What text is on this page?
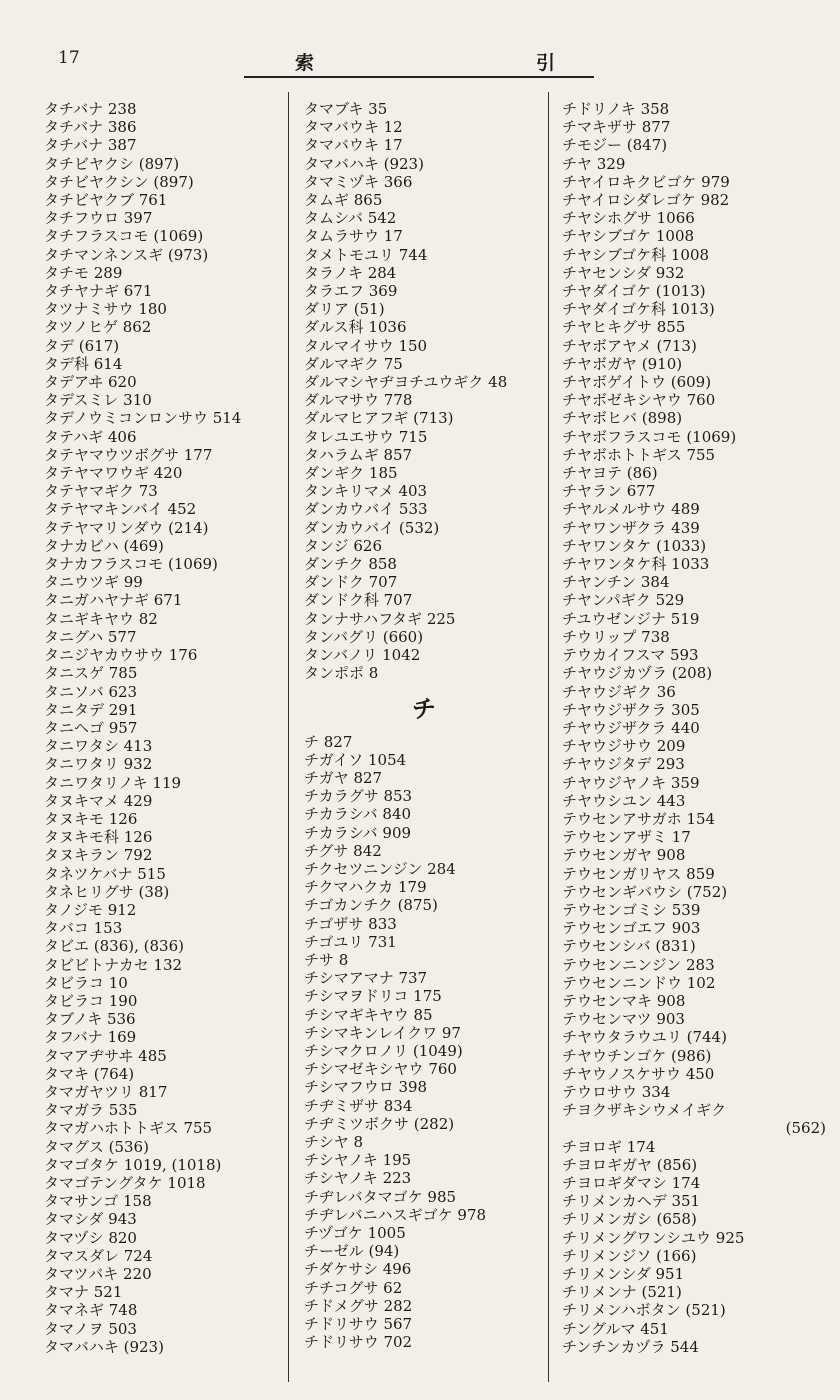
17	索	引
タチバナ 238
タチバナ 386
タチバナ 387
タチビヤクシ (897)
タチビヤクシン (897)
タチビヤクブ 761
タチフウロ 397
タチフラスコモ (1069)
タチマンネンスギ (973)
タチモ 289
タチヤナギ 671
タツナミサウ 180
タツノヒゲ 862
タデ (617)
タデ科 614
タデアヰ 620
タデスミレ 310
タデノウミコンロンサウ 514
タテハギ 406
タテヤマウツボグサ 177
タテヤマワウギ 420
タテヤマギク 73
タテヤマキンバイ 452
タテヤマリンダウ (214)
タナカビハ (469)
タナカフラスコモ (1069)
タニウツギ 99
タニガハヤナギ 671
タニギキヤウ 82
タニグハ 577
タニジヤカウサウ 176
タニスゲ 785
タニソバ 623
タニタデ 291
タニヘゴ 957
タニワタシ 413
タニワタリ 932
タニワタリノキ 119
タヌキマメ 429
タヌキモ 126
タヌキモ科 126
タヌキラン 792
タネツケバナ 515
タネヒリグサ (38)
タノジモ 912
タバコ 153
タビエ (836), (836)
タビビトナカセ 132
タビラコ 10
タビラコ 190
タブノキ 536
タフバナ 169
タマアヂサヰ 485
タマキ (764)
タマガヤツリ 817
タマガラ 535
タマガハホトトギス 755
タマグス (536)
タマゴタケ 1019, (1018)
タマゴテングタケ 1018
タマサンゴ 158
タマシダ 943
タマヅシ 820
タマスダレ 724
タマツバキ 220
タマナ 521
タマネギ 748
タマノヲ 503
タマバハキ (923)
タマブキ 35
タマバウキ 12
タマバウキ 17
タマバハキ (923)
タマミヅキ 366
タムギ 865
タムシバ 542
タムラサウ 17
タメトモユリ 744
タラノキ 284
タラエフ 369
ダリア (51)
ダルス科 1036
タルマイサウ 150
ダルマギク 75
ダルマシヤヂヨチユウギク 48
ダルマサウ 778
ダルマヒアフギ (713)
タレユエサウ 715
タハラムギ 857
ダンギク 185
タンキリマメ 403
ダンカウバイ 533
ダンカウバイ (532)
タンジ 626
ダンチク 858
ダンドク 707
ダンドク科 707
タンナサハフタギ 225
タンバグリ (660)
タンバノリ 1042
タンポポ 8
チ
チ 827
チガイソ 1054
チガヤ 827
チカラグサ 853
チカラシバ 840
チカラシバ 909
チグサ 842
チクセツニンジン 284
チクマハクカ 179
チゴカンチク (875)
チゴザサ 833
チゴユリ 731
チサ 8
チシマアマナ 737
チシマヲドリコ 175
チシマギキヤウ 85
チシマキンレイクワ 97
チシマクロノリ (1049)
チシマゼキシヤウ 760
チシマフウロ 398
チヂミザサ 834
チヂミツボクサ (282)
チシヤ 8
チシヤノキ 195
チシヤノキ 223
チヂレバタマゴケ 985
チヂレバニハスギゴケ 978
チヅゴケ 1005
チーゼル (94)
チダケサシ 496
チチコグサ 62
チドメグサ 282
チドリサウ 567
チドリサウ 702
チドリノキ 358
チマキザサ 877
チモジー (847)
チヤ 329
チヤイロキクビゴケ 979
チヤイロシダレゴケ 982
チヤシホグサ 1066
チヤシブゴケ 1008
チヤシブゴケ科 1008
チヤセンシダ 932
チヤダイゴケ (1013)
チヤダイゴケ科 1013)
チヤヒキグサ 855
チヤボアヤメ (713)
チヤボガヤ (910)
チヤボゲイトウ (609)
チヤボゼキシヤウ 760
チヤボヒバ (898)
チヤボフラスコモ (1069)
チヤボホトトギス 755
チヤヨテ (86)
チヤラン 677
チヤルメルサウ 489
チヤワンザクラ 439
チヤワンタケ (1033)
チヤワンタケ科 1033
チヤンチン 384
チヤンパギク 529
チユウゼンジナ 519
チウリップ 738
テウカイフスマ 593
チヤウジカヅラ (208)
チヤウジギク 36
チヤウジザクラ 305
チヤウジザクラ 440
チヤウジサウ 209
チヤウジタデ 293
チヤウジヤノキ 359
チヤウシユン 443
テウセンアサガホ 154
テウセンアザミ 17
テウセンガヤ 908
テウセンガリヤス 859
テウセンギバウシ (752)
テウセンゴミシ 539
テウセンゴエフ 903
テウセンシバ (831)
テウセンニンジン 283
テウセンニンドウ 102
テウセンマキ 908
テウセンマツ 903
チヤウタラウユリ (744)
チヤウチンゴケ (986)
チヤウノスケサウ 450
テウロサウ 334
チヨクザキシウメイギク
(562)
チヨロギ 174
チヨロギガヤ (856)
チヨロギダマシ 174
チリメンカヘデ 351
チリメンガシ (658)
チリメングワンシユウ 925
チリメンジソ (166)
チリメンシダ 951
チリメンナ (521)
チリメンハボタン (521)
チングルマ 451
チンチンカヅラ 544
